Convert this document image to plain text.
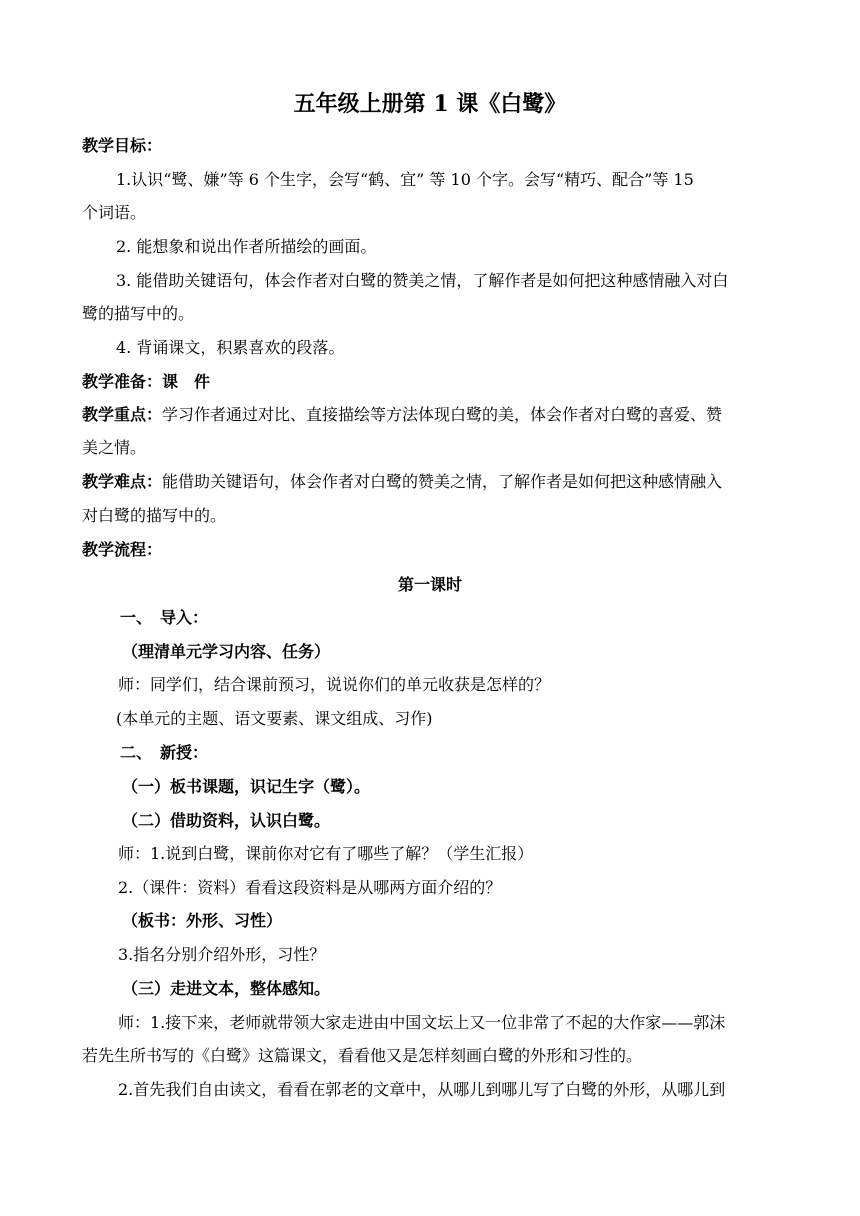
五年级上册第 1 课《白鹭》
教学目标：
1.认识“鹭、嫌”等 6 个生字，会写“鹤、宜” 等 10 个字。会写“精巧、配合”等 15
个词语。
2. 能想象和说出作者所描绘的画面。
3. 能借助关键语句，体会作者对白鹭的赞美之情，了解作者是如何把这种感情融入对白
鹭的描写中的。
4. 背诵课文，积累喜欢的段落。
教学准备：课　件
教学重点：学习作者通过对比、直接描绘等方法体现白鹭的美，体会作者对白鹭的喜爱、赞
美之情。
教学难点：能借助关键语句，体会作者对白鹭的赞美之情，了解作者是如何把这种感情融入
对白鹭的描写中的。
教学流程：
第一课时
一、　导入：
（理清单元学习内容、任务）
师：同学们，结合课前预习，说说你们的单元收获是怎样的？
(本单元的主题、语文要素、课文组成、习作)
二、　新授：
（一）板书课题，识记生字（鹭）。
（二）借助资料，认识白鹭。
师：1.说到白鹭，课前你对它有了哪些了解？（学生汇报）
2.（课件：资料）看看这段资料是从哪两方面介绍的？
（板书：外形、习性）
3.指名分别介绍外形，习性？
（三）走进文本，整体感知。
师：1.接下来，老师就带领大家走进由中国文坛上又一位非常了不起的大作家——郭沫
若先生所书写的《白鹭》这篇课文，看看他又是怎样刻画白鹭的外形和习性的。
2.首先我们自由读文，看看在郭老的文章中，从哪儿到哪儿写了白鹭的外形，从哪儿到
